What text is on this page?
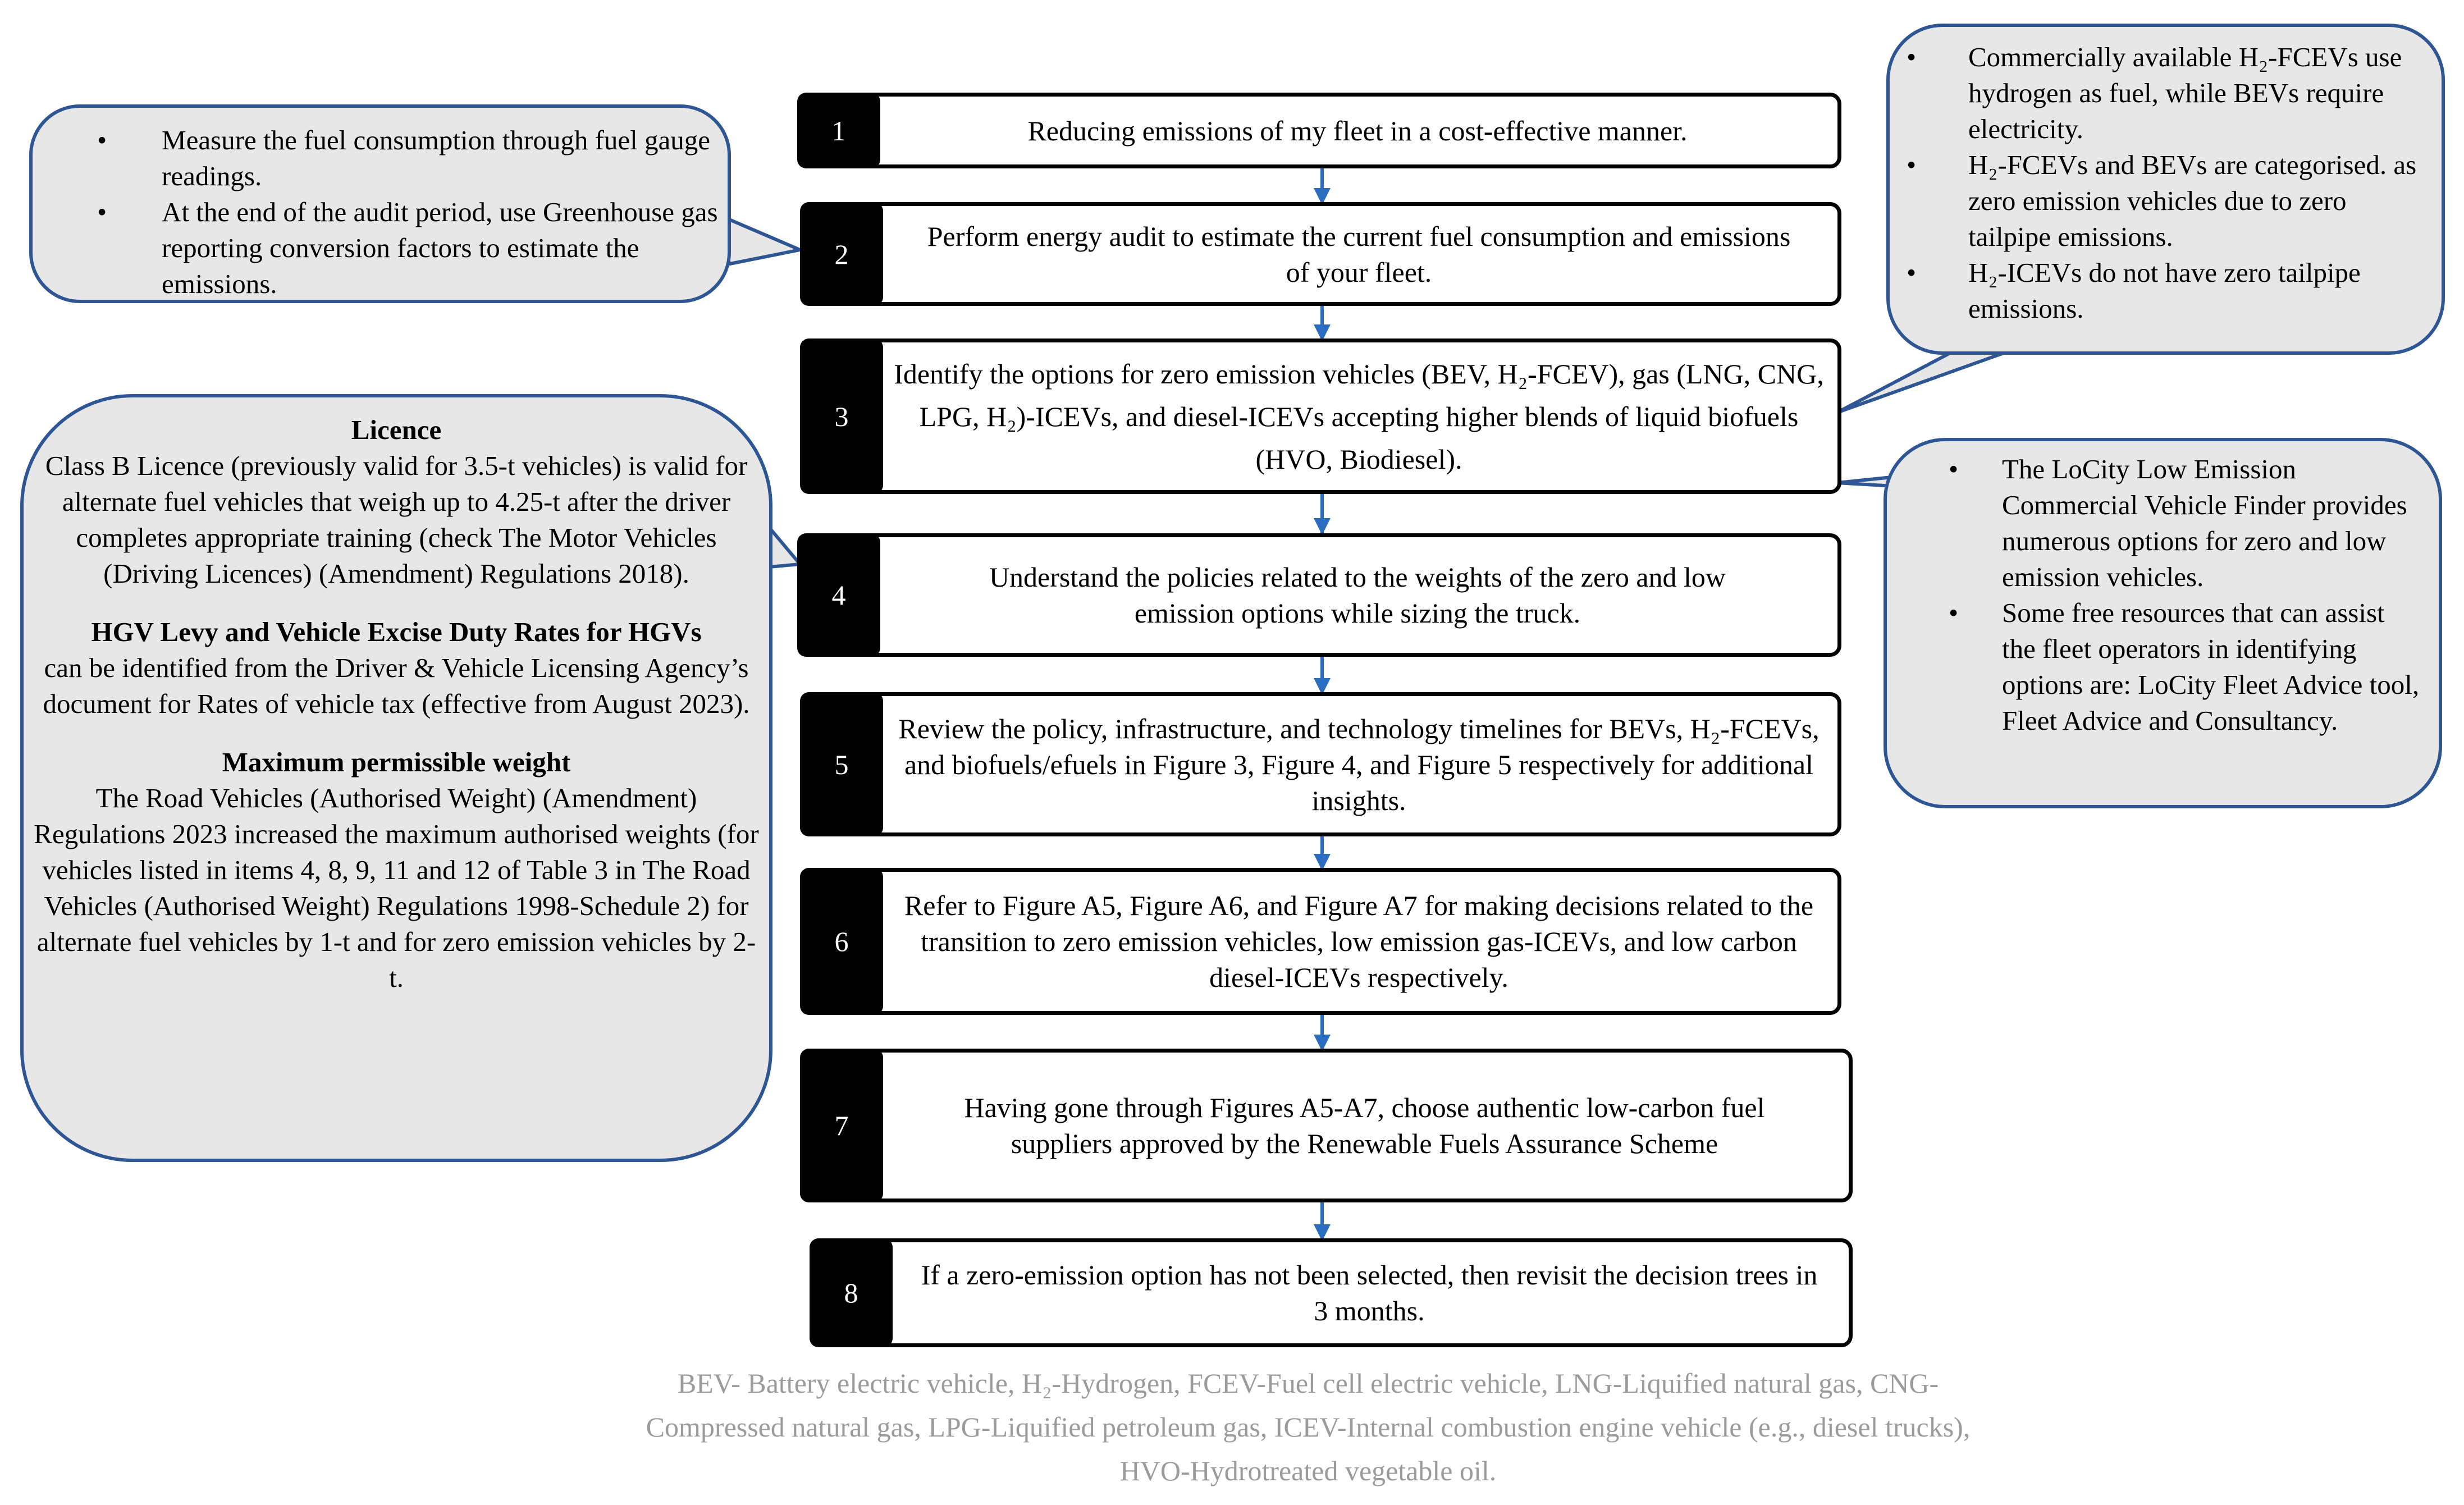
• Measure the fuel consumption through fuel gauge readings.
• At the end of the audit period, use Greenhouse gas reporting conversion factors to estimate the emissions.
• Commercially available H₂-FCEVs use hydrogen as fuel, while BEVs require electricity.
• H₂-FCEVs and BEVs are categorised. as zero emission vehicles due to zero tailpipe emissions.
• H₂-ICEVs do not have zero tailpipe emissions.
• The LoCity Low Emission Commercial Vehicle Finder provides numerous options for zero and low emission vehicles.
• Some free resources that can assist the fleet operators in identifying options are: LoCity Fleet Advice tool, Fleet Advice and Consultancy.
Licence
Class B Licence (previously valid for 3.5-t vehicles) is valid for alternate fuel vehicles that weigh up to 4.25-t after the driver completes appropriate training (check The Motor Vehicles (Driving Licences) (Amendment) Regulations 2018).
HGV Levy and Vehicle Excise Duty Rates for HGVs
can be identified from the Driver & Vehicle Licensing Agency’s document for Rates of vehicle tax (effective from August 2023).
Maximum permissible weight
The Road Vehicles (Authorised Weight) (Amendment) Regulations 2023 increased the maximum authorised weights (for vehicles listed in items 4, 8, 9, 11 and 12 of Table 3 in The Road Vehicles (Authorised Weight) Regulations 1998-Schedule 2) for alternate fuel vehicles by 1-t and for zero emission vehicles by 2-t.
1	Reducing emissions of my fleet in a cost-effective manner.
2
Perform energy audit to estimate the current fuel consumption and emissions of your fleet.
3
Identify the options for zero emission vehicles (BEV, H₂-FCEV), gas (LNG, CNG, LPG, H₂)-ICEVs, and diesel-ICEVs accepting higher blends of liquid biofuels (HVO, Biodiesel).
4
Understand the policies related to the weights of the zero and low emission options while sizing the truck.
5
Review the policy, infrastructure, and technology timelines for BEVs, H₂-FCEVs, and biofuels/efuels in Figure 3, Figure 4, and Figure 5 respectively for additional insights.
6
Refer to Figure A5, Figure A6, and Figure A7 for making decisions related to the transition to zero emission vehicles, low emission gas-ICEVs, and low carbon diesel-ICEVs respectively.
7
Having gone through Figures A5-A7, choose authentic low-carbon fuel suppliers approved by the Renewable Fuels Assurance Scheme
8
If a zero-emission option has not been selected, then revisit the decision trees in 3 months.
BEV- Battery electric vehicle, H₂-Hydrogen, FCEV-Fuel cell electric vehicle, LNG-Liquified natural gas, CNG-Compressed natural gas, LPG-Liquified petroleum gas, ICEV-Internal combustion engine vehicle (e.g., diesel trucks), HVO-Hydrotreated vegetable oil.
